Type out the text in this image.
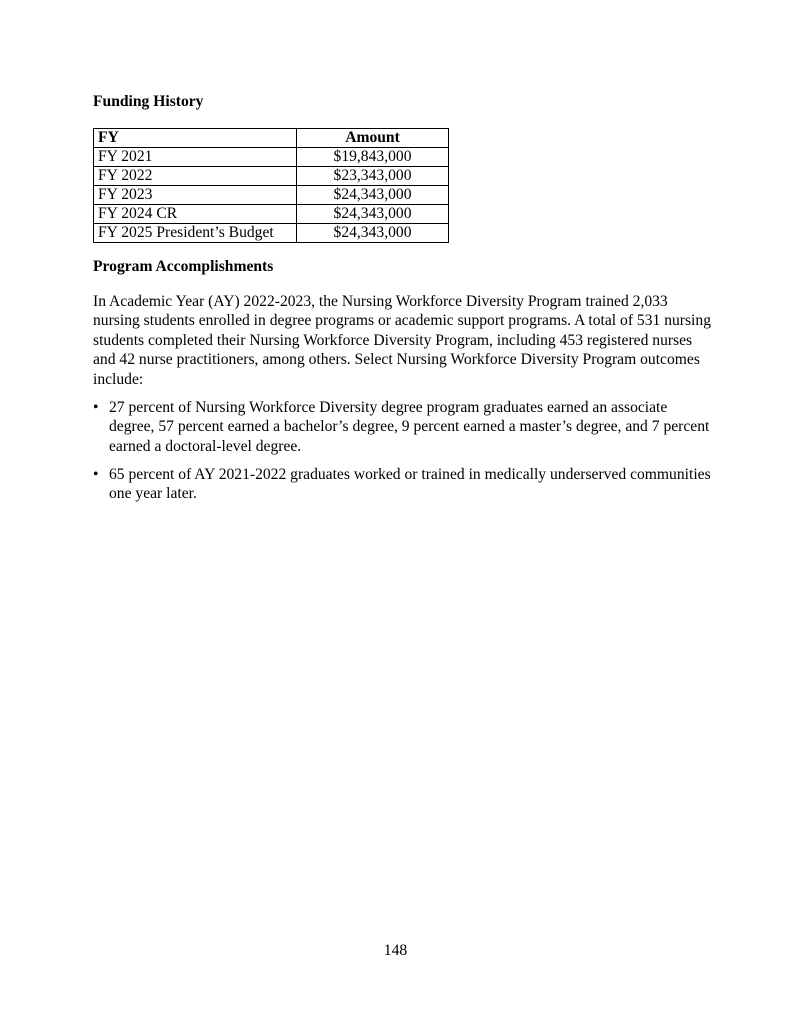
Funding History
FY	Amount
FY 2021	$19,843,000
FY 2022	$23,343,000
FY 2023	$24,343,000
FY 2024 CR	$24,343,000
FY 2025 President’s Budget	$24,343,000
Program Accomplishments

In Academic Year (AY) 2022-2023, the Nursing Workforce Diversity Program trained 2,033 nursing students enrolled in degree programs or academic support programs. A total of 531 nursing students completed their Nursing Workforce Diversity Program, including 453 registered nurses and 42 nurse practitioners, among others. Select Nursing Workforce Diversity Program outcomes include:

• 27 percent of Nursing Workforce Diversity degree program graduates earned an associate degree, 57 percent earned a bachelor’s degree, 9 percent earned a master’s degree, and 7 percent earned a doctoral-level degree.
• 65 percent of AY 2021-2022 graduates worked or trained in medically underserved communities one year later.
148
